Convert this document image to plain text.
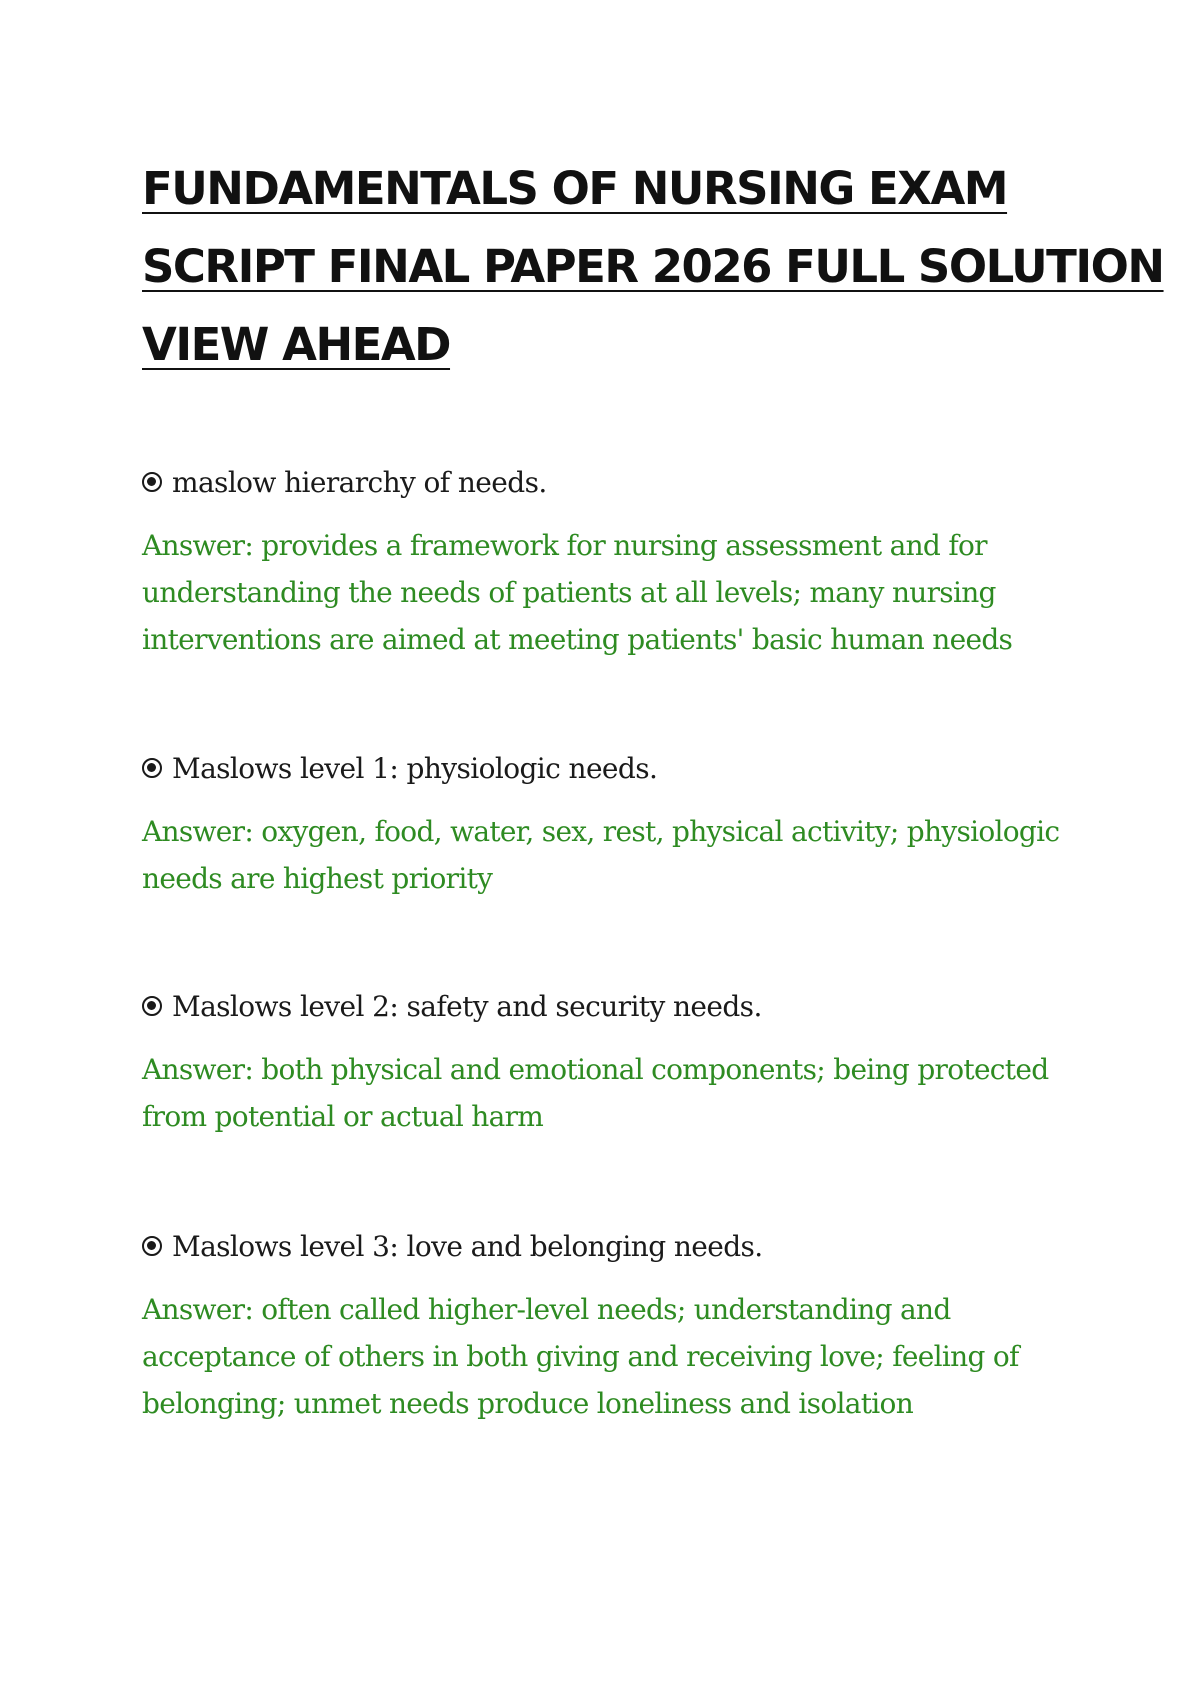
FUNDAMENTALS OF NURSING EXAM
SCRIPT FINAL PAPER 2026 FULL SOLUTION
VIEW AHEAD
maslow hierarchy of needs.
Answer: provides a framework for nursing assessment and for
understanding the needs of patients at all levels; many nursing
interventions are aimed at meeting patients' basic human needs
Maslows level 1: physiologic needs.
Answer: oxygen, food, water, sex, rest, physical activity; physiologic
needs are highest priority
Maslows level 2: safety and security needs.
Answer: both physical and emotional components; being protected
from potential or actual harm
Maslows level 3: love and belonging needs.
Answer: often called higher-level needs; understanding and
acceptance of others in both giving and receiving love; feeling of
belonging; unmet needs produce loneliness and isolation
